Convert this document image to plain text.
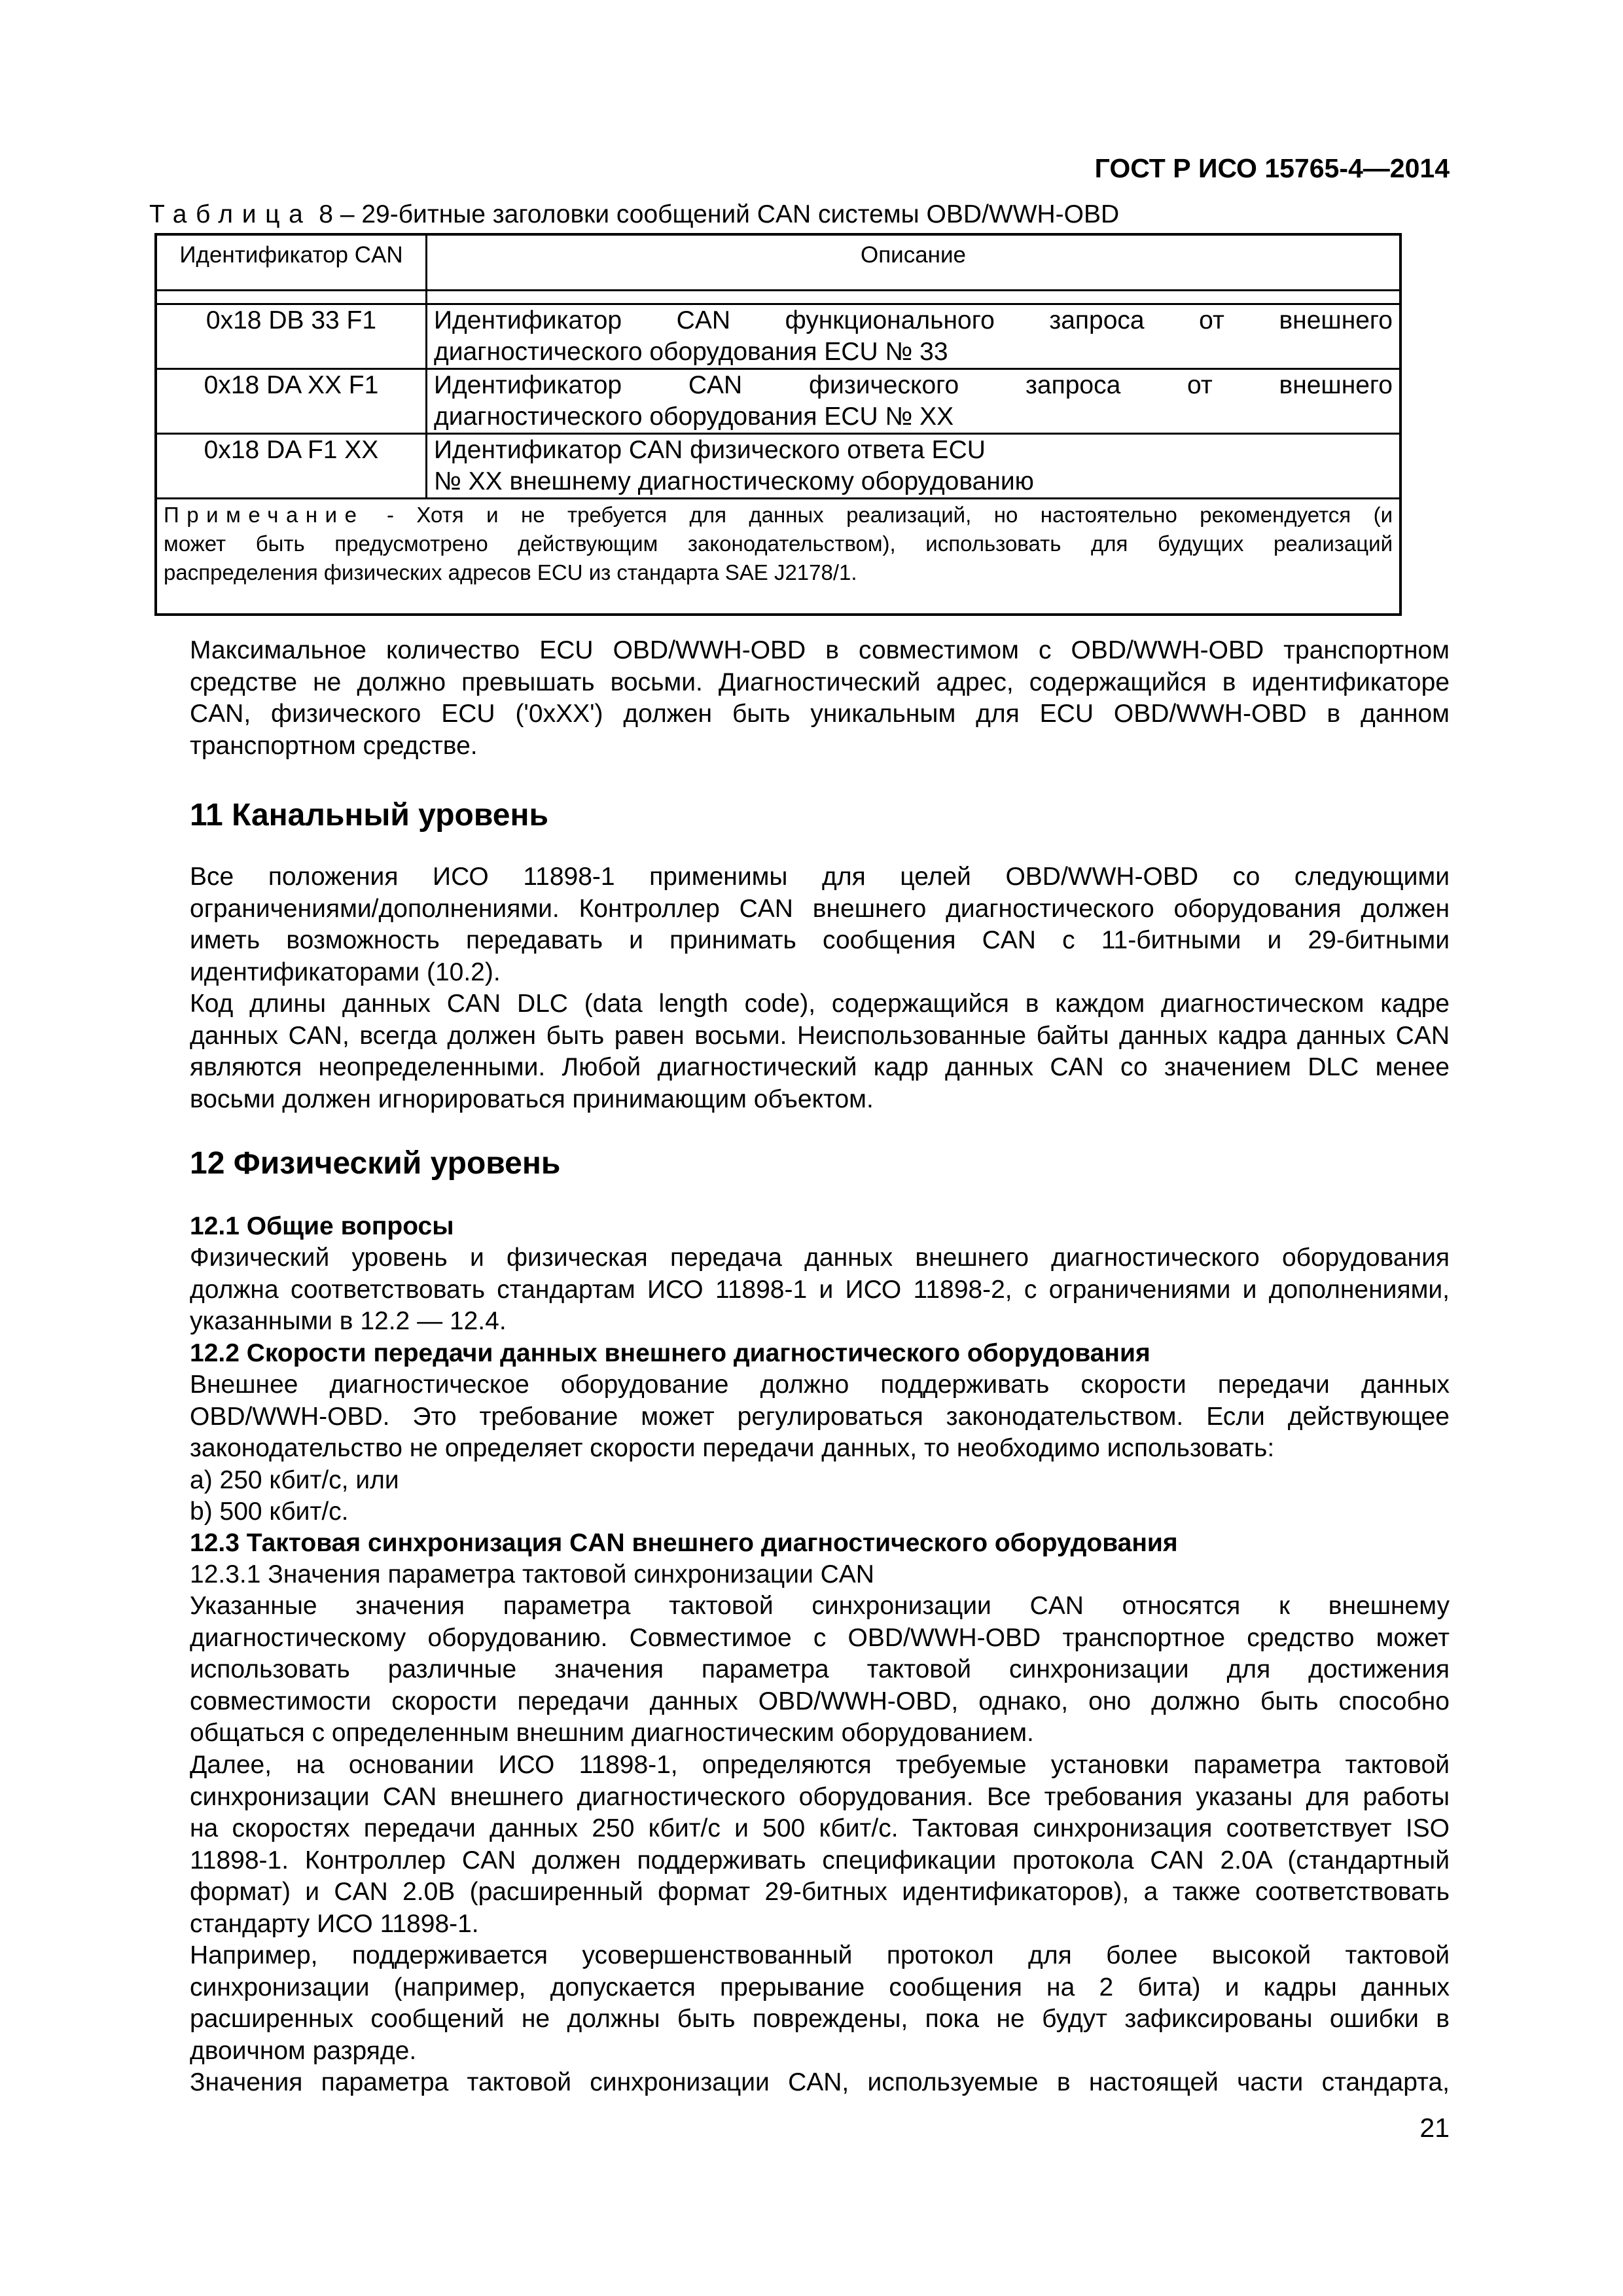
ГОСТ Р ИСО 15765-4—2014
Таблица 8 – 29-битные заголовки сообщений CAN системы OBD/WWH-OBD
Идентификатор CAN	Описание

0x18 DB 33 F1	Идентификатор CAN функционального запроса от внешнего
диагностического оборудования ECU № 33

0x18 DA XX F1	Идентификатор CAN физического запроса от внешнего
диагностического оборудования ECU № XX

0x18 DA F1 XX	Идентификатор CAN физического ответа ECU
№ XX внешнему диагностическому оборудованию

Примечание - Хотя и не требуется для данных реализаций, но настоятельно рекомендуется (и
может быть предусмотрено действующим законодательством), использовать для будущих реализаций
распределения физических адресов ECU из стандарта SAE J2178/1.	
Максимальное количество ECU OBD/WWH-OBD в совместимом с OBD/WWH-OBD транспортном
средстве не должно превышать восьми. Диагностический адрес, содержащийся в идентификаторе
CAN, физического ECU ('0xXX') должен быть уникальным для ECU OBD/WWH-OBD в данном
транспортном средстве.
11 Канальный уровень
Все положения ИСО 11898-1 применимы для целей OBD/WWH-OBD со следующими
ограничениями/дополнениями. Контроллер CAN внешнего диагностического оборудования должен
иметь возможность передавать и принимать сообщения CAN с 11-битными и 29-битными
идентификаторами (10.2).
Код длины данных CAN DLC (data length code), содержащийся в каждом диагностическом кадре
данных CAN, всегда должен быть равен восьми. Неиспользованные байты данных кадра данных CAN
являются неопределенными. Любой диагностический кадр данных CAN со значением DLC менее
восьми должен игнорироваться принимающим объектом.
12 Физический уровень
12.1 Общие вопросы
Физический уровень и физическая передача данных внешнего диагностического оборудования
должна соответствовать стандартам ИСО 11898-1 и ИСО 11898-2, с ограничениями и дополнениями,
указанными в 12.2 — 12.4.
12.2 Скорости передачи данных внешнего диагностического оборудования
Внешнее диагностическое оборудование должно поддерживать скорости передачи данных
OBD/WWH-OBD. Это требование может регулироваться законодательством. Если действующее
законодательство не определяет скорости передачи данных, то необходимо использовать:
a) 250 кбит/с, или
b) 500 кбит/с.
12.3 Тактовая синхронизация CAN внешнего диагностического оборудования
12.3.1 Значения параметра тактовой синхронизации CAN
Указанные значения параметра тактовой синхронизации CAN относятся к внешнему
диагностическому оборудованию. Совместимое с OBD/WWH-OBD транспортное средство может
использовать различные значения параметра тактовой синхронизации для достижения
совместимости скорости передачи данных OBD/WWH-OBD, однако, оно должно быть способно
общаться с определенным внешним диагностическим оборудованием.
Далее, на основании ИСО 11898-1, определяются требуемые установки параметра тактовой
синхронизации CAN внешнего диагностического оборудования. Все требования указаны для работы
на скоростях передачи данных 250 кбит/с и 500 кбит/с. Тактовая синхронизация соответствует ISO
11898-1. Контроллер CAN должен поддерживать спецификации протокола CAN 2.0A (стандартный
формат) и CAN 2.0B (расширенный формат 29-битных идентификаторов), а также соответствовать
стандарту ИСО 11898-1.
Например, поддерживается усовершенствованный протокол для более высокой тактовой
синхронизации (например, допускается прерывание сообщения на 2 бита) и кадры данных
расширенных сообщений не должны быть повреждены, пока не будут зафиксированы ошибки в
двоичном разряде.
Значения параметра тактовой синхронизации CAN, используемые в настоящей части стандарта,
21
